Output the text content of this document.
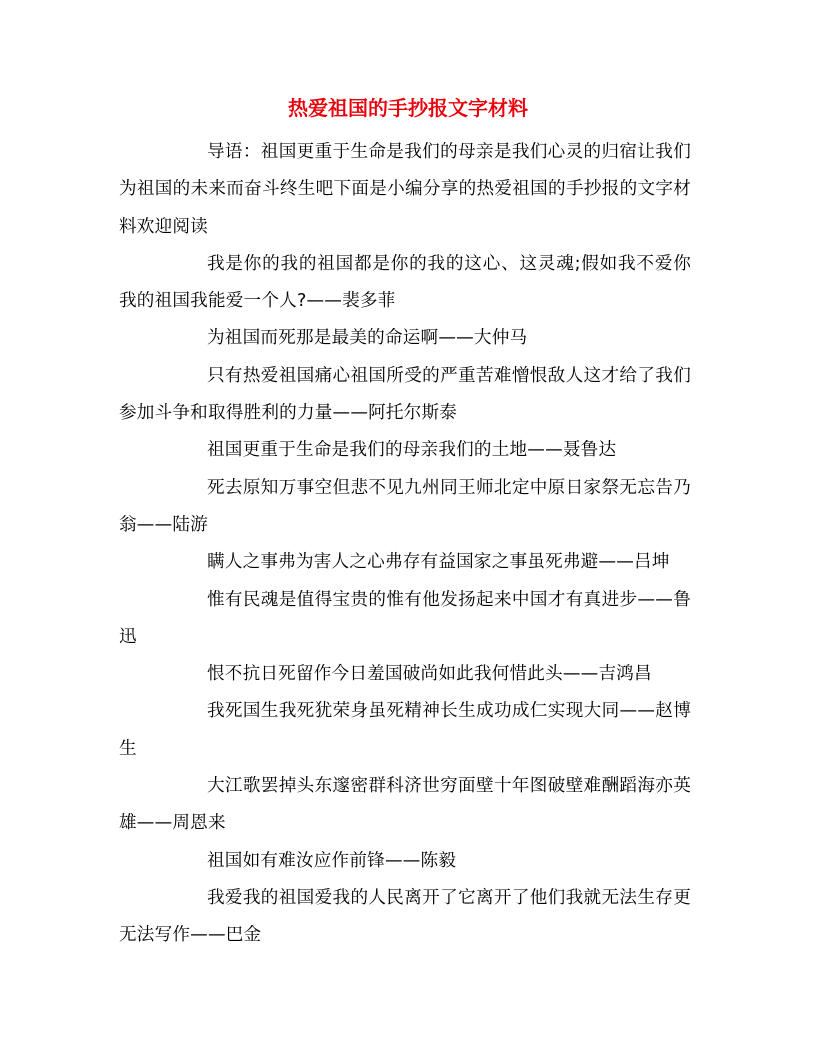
热爱祖国的手抄报文字材料

导语：祖国更重于生命是我们的母亲是我们心灵的归宿让我们为祖国的未来而奋斗终生吧下面是小编分享的热爱祖国的手抄报的文字材料欢迎阅读

我是你的我的祖国都是你的我的这心、这灵魂;假如我不爱你我的祖国我能爱一个人?——裴多菲

为祖国而死那是最美的命运啊——大仲马

只有热爱祖国痛心祖国所受的严重苦难憎恨敌人这才给了我们参加斗争和取得胜利的力量——阿托尔斯泰

祖国更重于生命是我们的母亲我们的土地——聂鲁达

死去原知万事空但悲不见九州同王师北定中原日家祭无忘告乃翁——陆游

瞒人之事弗为害人之心弗存有益国家之事虽死弗避——吕坤

惟有民魂是值得宝贵的惟有他发扬起来中国才有真进步——鲁迅

恨不抗日死留作今日羞国破尚如此我何惜此头——吉鸿昌

我死国生我死犹荣身虽死精神长生成功成仁实现大同——赵博生

大江歌罢掉头东邃密群科济世穷面壁十年图破壁难酬蹈海亦英雄——周恩来

祖国如有难汝应作前锋——陈毅

我爱我的祖国爱我的人民离开了它离开了他们我就无法生存更无法写作——巴金
